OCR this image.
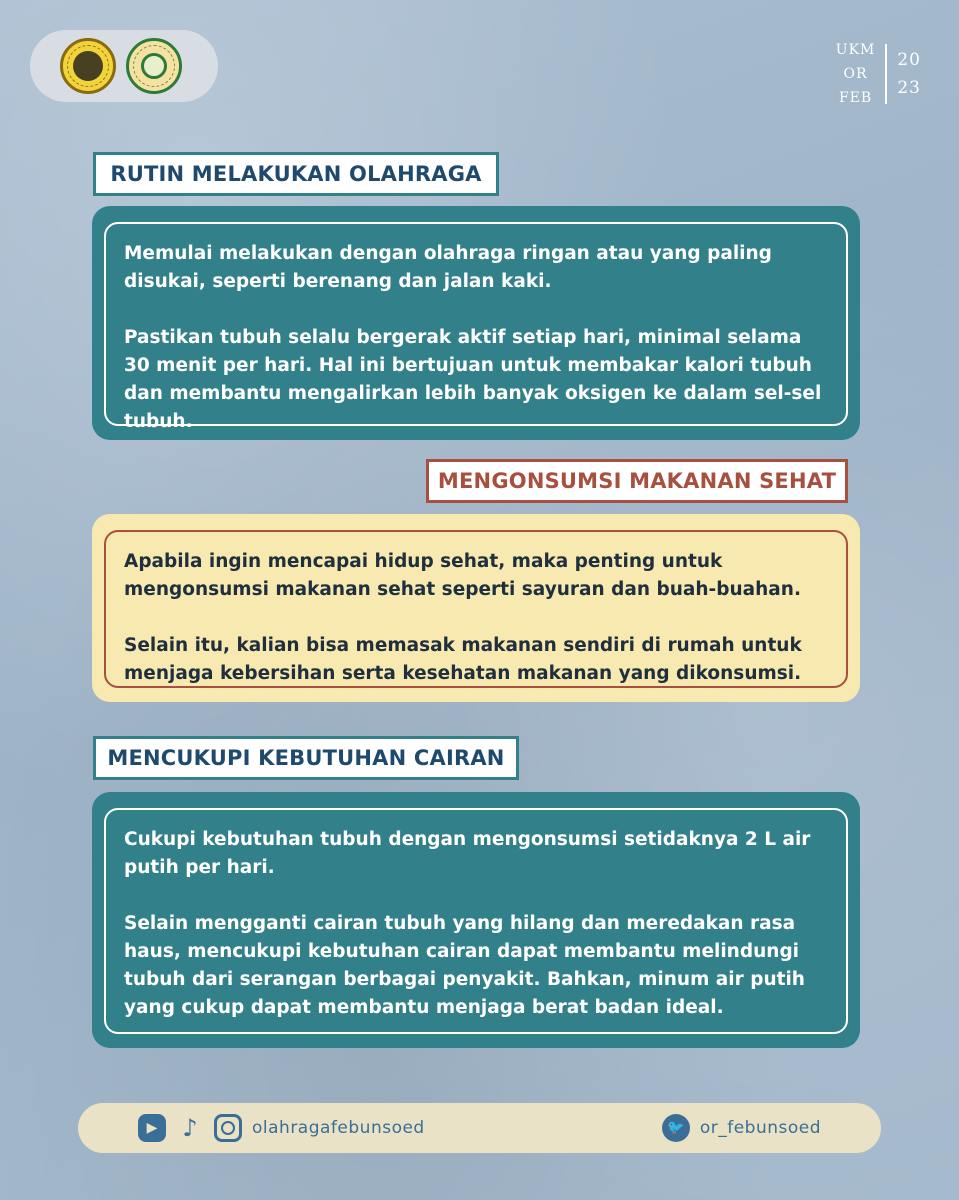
UKM
OR
FEB
20
23
RUTIN MELAKUKAN OLAHRAGA

Memulai melakukan dengan olahraga ringan atau yang paling disukai, seperti berenang dan jalan kaki.

Pastikan tubuh selalu bergerak aktif setiap hari, minimal selama 30 menit per hari. Hal ini bertujuan untuk membakar kalori tubuh dan membantu mengalirkan lebih banyak oksigen ke dalam sel-sel tubuh.

MENGONSUMSI MAKANAN SEHAT

Apabila ingin mencapai hidup sehat, maka penting untuk mengonsumsi makanan sehat seperti sayuran dan buah-buahan.

Selain itu, kalian bisa memasak makanan sendiri di rumah untuk menjaga kebersihan serta kesehatan makanan yang dikonsumsi.

MENCUKUPI KEBUTUHAN CAIRAN

Cukupi kebutuhan tubuh dengan mengonsumsi setidaknya 2 L air putih per hari.

Selain mengganti cairan tubuh yang hilang dan meredakan rasa haus, mencukupi kebutuhan cairan dapat membantu melindungi tubuh dari serangan berbagai penyakit. Bahkan, minum air putih yang cukup dapat membantu menjaga berat badan ideal.

▶	♪	olahragafebunsoed	🐦 or_febunsoed
